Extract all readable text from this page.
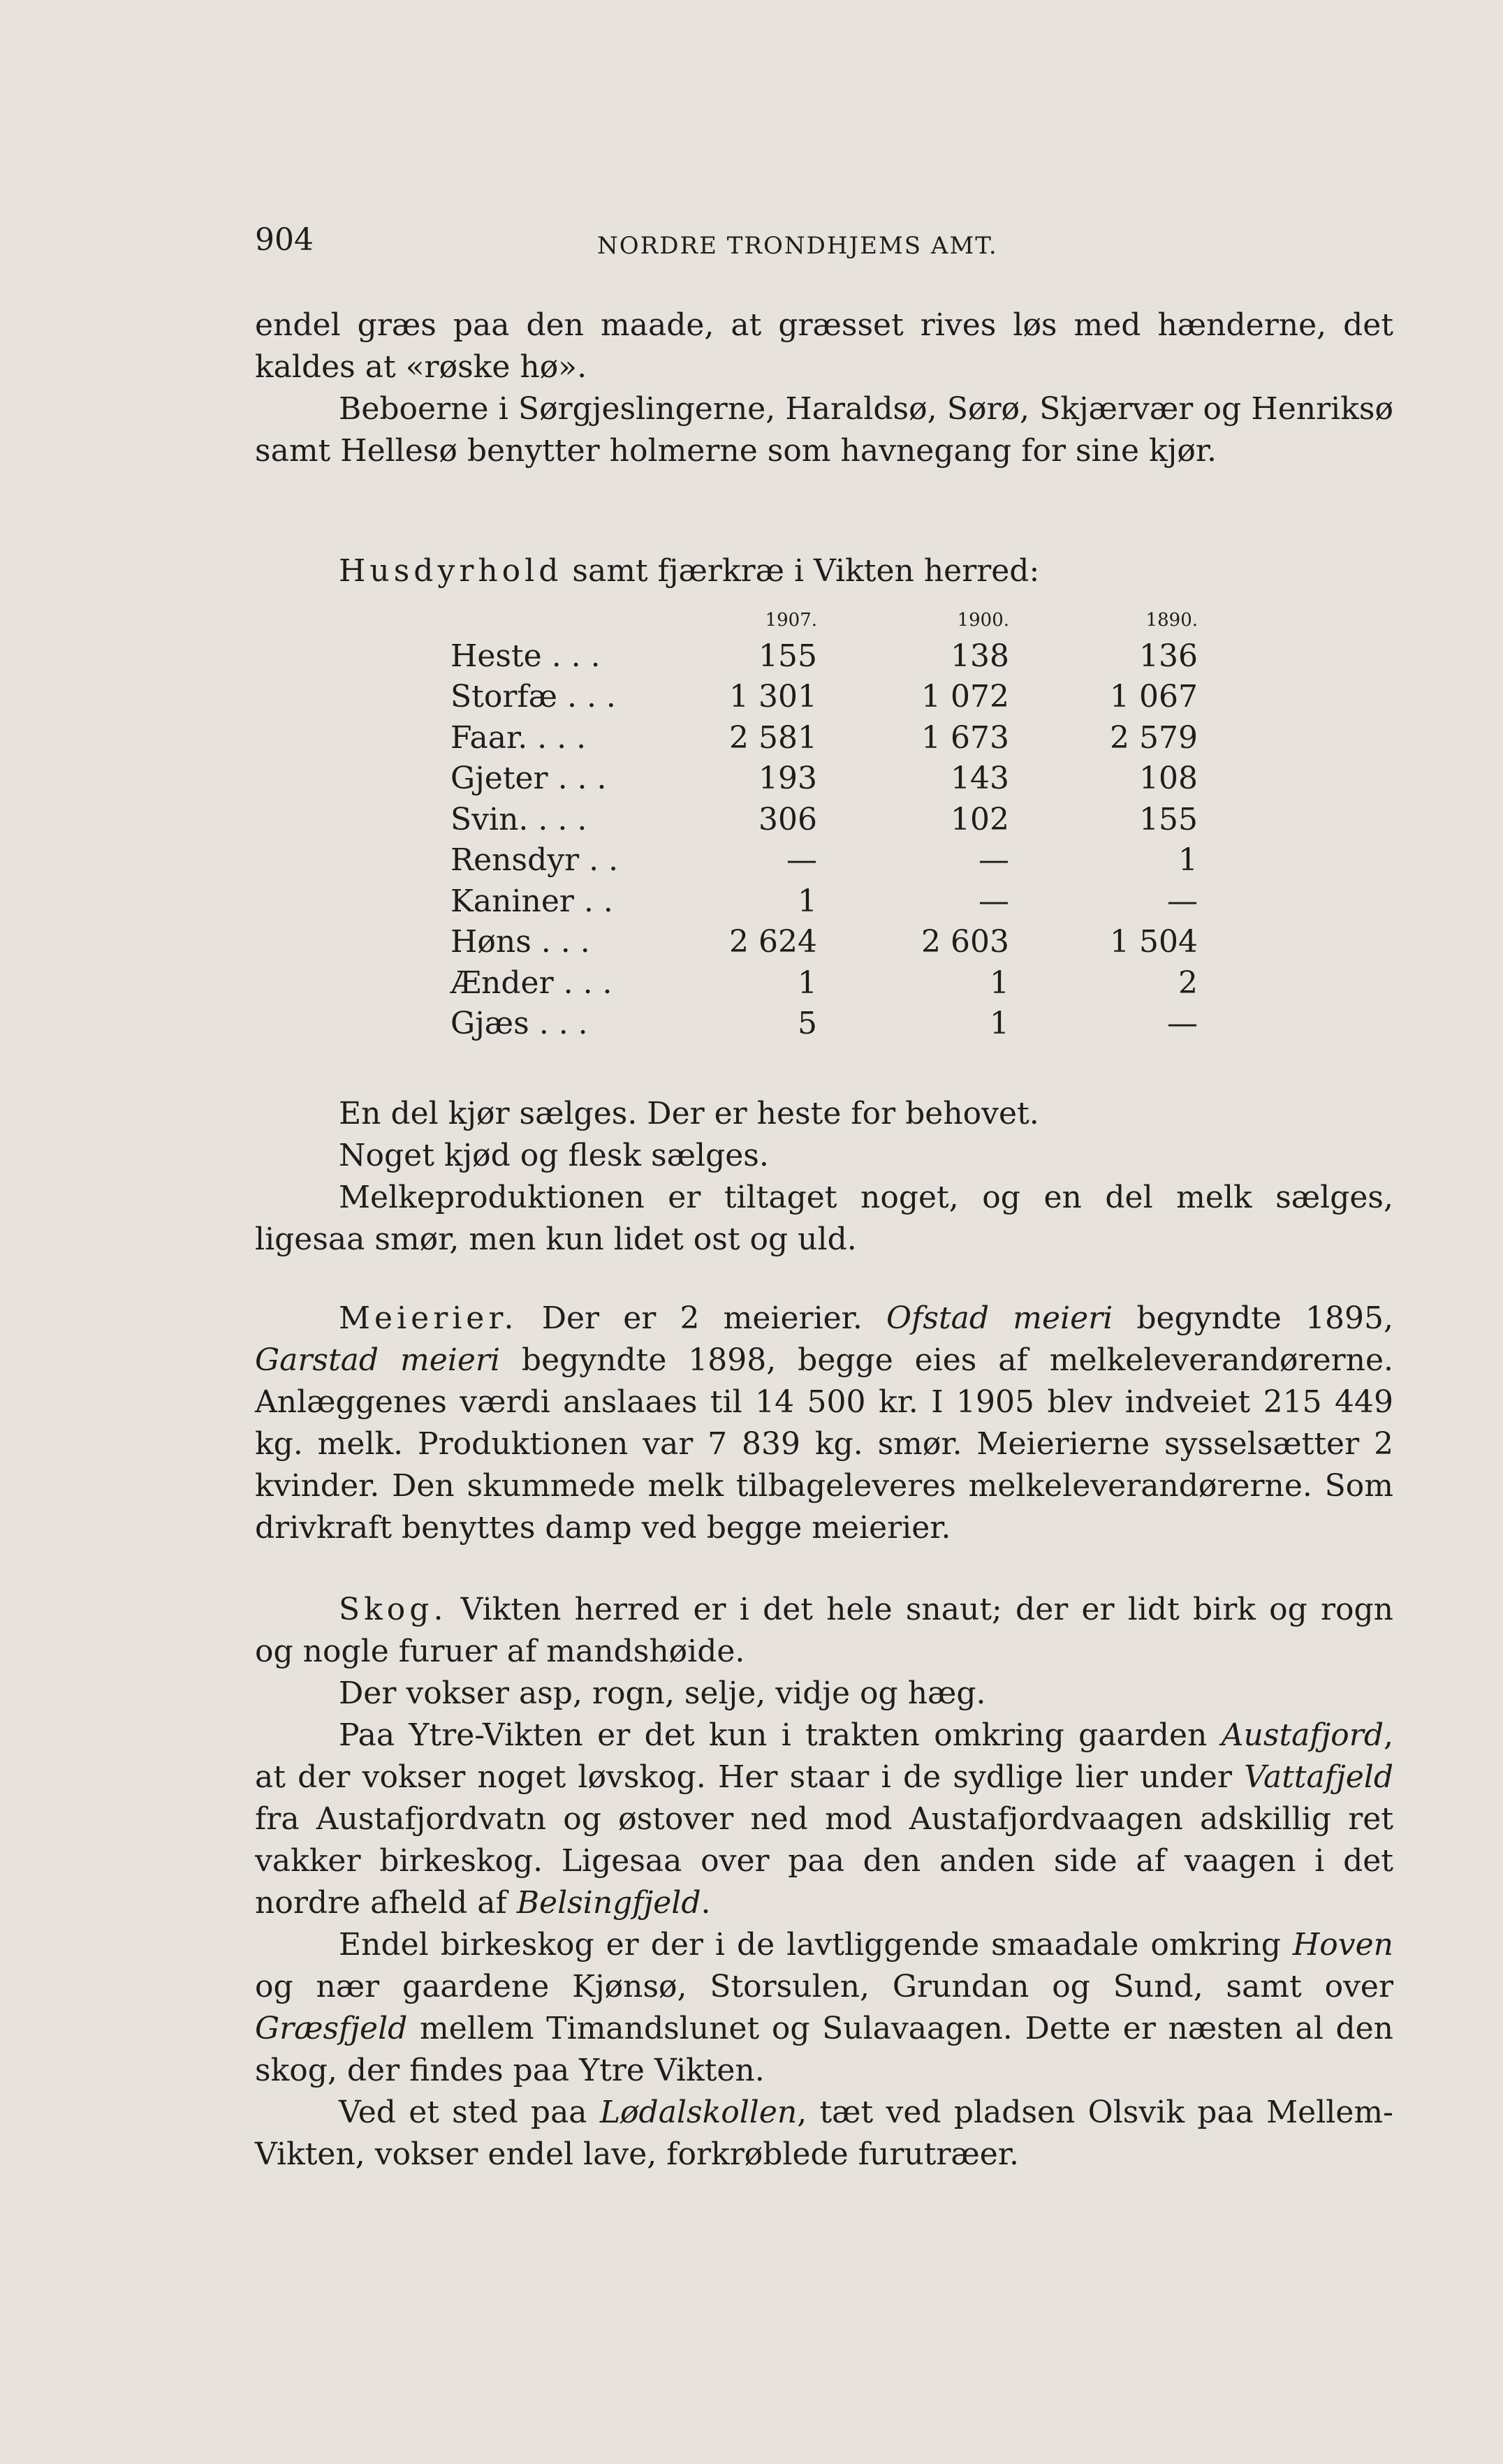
904	NORDRE TRONDHJEMS AMT.

endel græs paa den maade, at græsset rives løs med hænderne, det kaldes at «røske hø».

Beboerne i Sørgjeslingerne, Haraldsø, Sørø, Skjærvær og Henriksø samt Hellesø benytter holmerne som havnegang for sine kjør.

Husdyrhold samt fjærkræ i Vikten herred:
	1907.	1900.	1890.
Heste . . .	155	138	136
Storfæ . . .	1 301	1 072	1 067
Faar. . . .	2 581	1 673	2 579
Gjeter . . .	193	143	108
Svin. . . .	306	102	155
Rensdyr . .	—	—	1
Kaniner . .	1	—	—
Høns . . .	2 624	2 603	1 504
Ænder . . .	1	1	2
Gjæs . . .	5	1	—

En del kjør sælges. Der er heste for behovet.

Noget kjød og flesk sælges.

Melkeproduktionen er tiltaget noget, og en del melk sælges, ligesaa smør, men kun lidet ost og uld.

Meierier. Der er 2 meierier. Ofstad meieri begyndte 1895, Garstad meieri begyndte 1898, begge eies af melkeleverandørerne. Anlæggenes værdi anslaaes til 14 500 kr. I 1905 blev indveiet 215 449 kg. melk. Produktionen var 7 839 kg. smør. Meierierne sysselsætter 2 kvinder. Den skummede melk tilbageleveres melkeleverandørerne. Som drivkraft benyttes damp ved begge meierier.

Skog. Vikten herred er i det hele snaut; der er lidt birk og rogn og nogle furuer af mandshøide.

Der vokser asp, rogn, selje, vidje og hæg.

Paa Ytre-Vikten er det kun i trakten omkring gaarden Austafjord, at der vokser noget løvskog. Her staar i de sydlige lier under Vattafjeld fra Austafjordvatn og østover ned mod Austafjordvaagen adskillig ret vakker birkeskog. Ligesaa over paa den anden side af vaagen i det nordre afheld af Belsingfjeld.

Endel birkeskog er der i de lavtliggende smaadale omkring Hoven og nær gaardene Kjønsø, Storsulen, Grundan og Sund, samt over Græsfjeld mellem Timandslunet og Sulavaagen. Dette er næsten al den skog, der findes paa Ytre Vikten.

Ved et sted paa Lødalskollen, tæt ved pladsen Olsvik paa Mellem-Vikten, vokser endel lave, forkrøblede furutræer.
